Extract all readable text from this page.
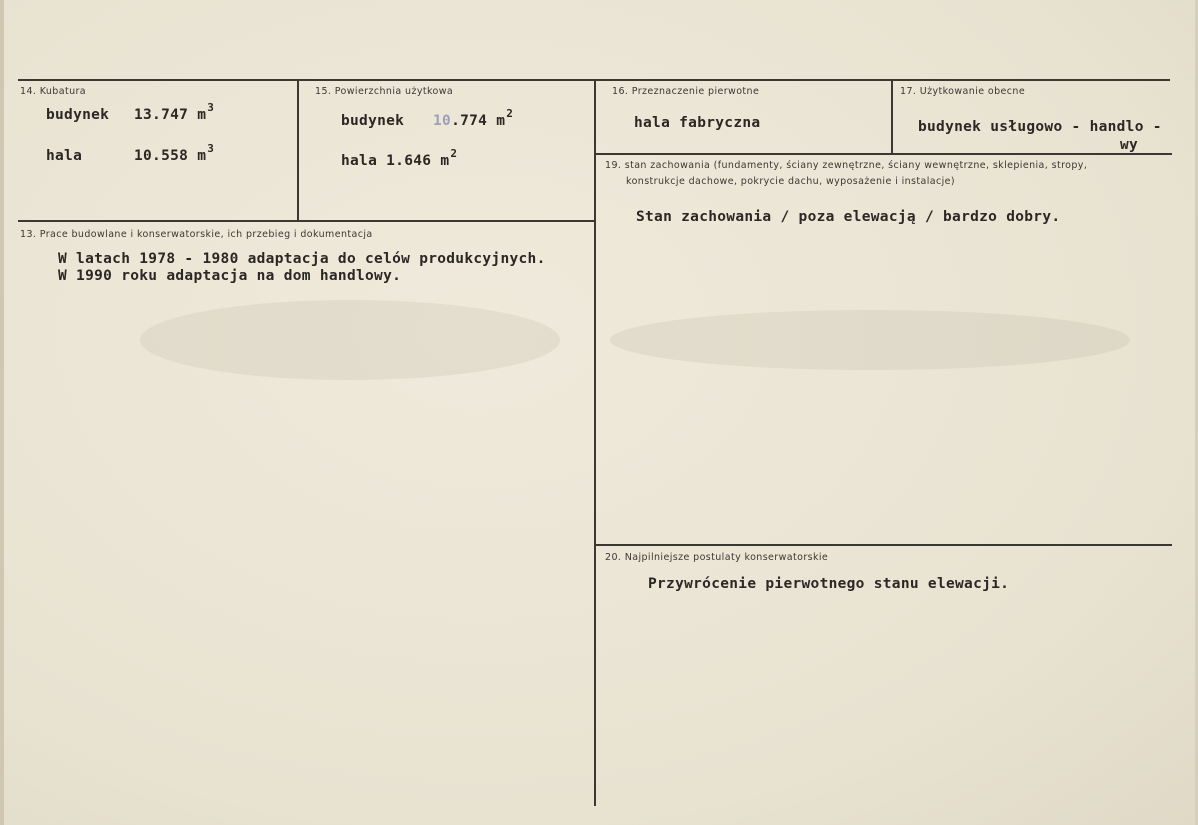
14. Kubatura
budynek 13.747 $m^3$
hala	10.558 $m^3$
15. Powierzchnia użytkowa
budynek 10.774 $m^2$
hala 1.646 $m^2$
16. Przeznaczenie pierwotne
hala fabryczna
17. Użytkowanie obecne
budynek usługowo - handlo -
wy
19. stan zachowania (fundamenty, ściany zewnętrzne, ściany wewnętrzne, sklepienia, stropy,
konstrukcje dachowe, pokrycie dachu, wyposażenie i instalacje)
Stan zachowania / poza elewacją / bardzo dobry.
13. Prace budowlane i konserwatorskie, ich przebieg i dokumentacja
W latach 1978 - 1980 adaptacja do celów produkcyjnych.
W 1990 roku adaptacja na dom handlowy.
20. Najpilniejsze postulaty konserwatorskie
Przywrócenie pierwotnego stanu elewacji.
